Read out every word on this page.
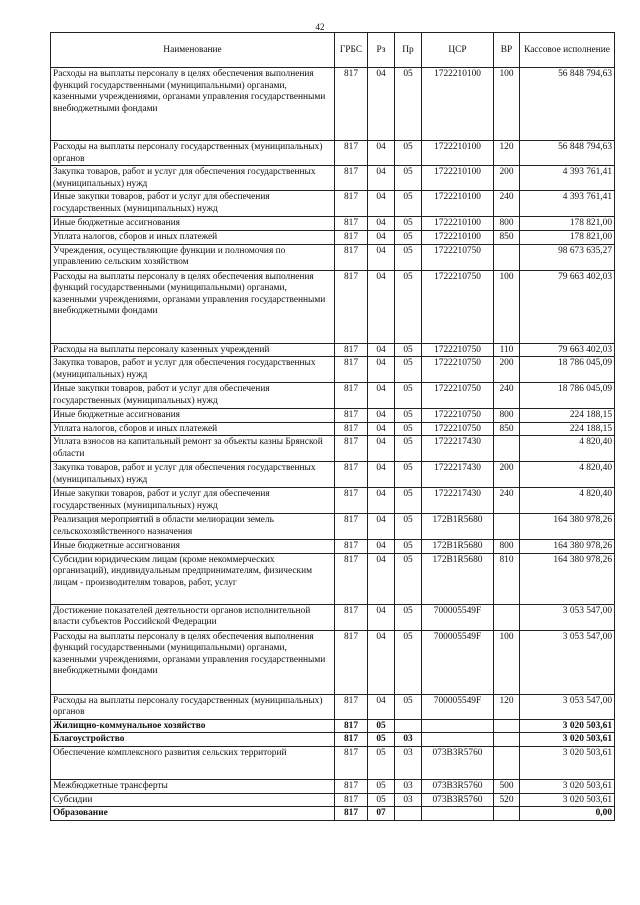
42
Наименование	ГРБС	Рз	Пр	ЦСР	ВР	Кассовое исполнение
Расходы на выплаты персоналу в целях обеспечения выполнения функций государственными (муниципальными) органами, казенными учреждениями, органами управления государственными внебюджетными фондами	817	04	05	1722210100	100	56 848 794,63
Расходы на выплаты персоналу государственных (муниципальных) органов	817	04	05	1722210100	120	56 848 794,63
Закупка товаров, работ и услуг для обеспечения государственных (муниципальных) нужд	817	04	05	1722210100	200	4 393 761,41
Иные закупки товаров, работ и услуг для обеспечения государственных (муниципальных) нужд	817	04	05	1722210100	240	4 393 761,41
Иные бюджетные ассигнования	817	04	05	1722210100	800	178 821,00
Уплата налогов, сборов и иных платежей	817	04	05	1722210100	850	178 821,00
Учреждения, осуществляющие функции и полномочия по управлению сельским хозяйством	817	04	05	1722210750		98 673 635,27
Расходы на выплаты персоналу в целях обеспечения выполнения функций государственными (муниципальными) органами, казенными учреждениями, органами управления государственными внебюджетными фондами	817	04	05	1722210750	100	79 663 402,03
Расходы на выплаты персоналу казенных учреждений	817	04	05	1722210750	110	79 663 402,03
Закупка товаров, работ и услуг для обеспечения государственных (муниципальных) нужд	817	04	05	1722210750	200	18 786 045,09
Иные закупки товаров, работ и услуг для обеспечения государственных (муниципальных) нужд	817	04	05	1722210750	240	18 786 045,09
Иные бюджетные ассигнования	817	04	05	1722210750	800	224 188,15
Уплата налогов, сборов и иных платежей	817	04	05	1722210750	850	224 188,15
Уплата взносов на капитальный ремонт за объекты казны Брянской области	817	04	05	1722217430		4 820,40
Закупка товаров, работ и услуг для обеспечения государственных (муниципальных) нужд	817	04	05	1722217430	200	4 820,40
Иные закупки товаров, работ и услуг для обеспечения государственных (муниципальных) нужд	817	04	05	1722217430	240	4 820,40
Реализация мероприятий в области мелиорации земель сельскохозяйственного назначения	817	04	05	172В1R5680		164 380 978,26
Иные бюджетные ассигнования	817	04	05	172В1R5680	800	164 380 978,26
Субсидии юридическим лицам (кроме некоммерческих организаций), индивидуальным предпринимателям, физическим лицам - производителям товаров, работ, услуг	817	04	05	172В1R5680	810	164 380 978,26
Достижение показателей деятельности органов исполнительной власти субъектов Российской Федерации	817	04	05	700005549F		3 053 547,00
Расходы на выплаты персоналу в целях обеспечения выполнения функций государственными (муниципальными) органами, казенными учреждениями, органами управления государственными внебюджетными фондами	817	04	05	700005549F	100	3 053 547,00
Расходы на выплаты персоналу государственных (муниципальных) органов	817	04	05	700005549F	120	3 053 547,00
Жилищно-коммунальное хозяйство	817	05				3 020 503,61
Благоустройство	817	05	03			3 020 503,61
Обеспечение комплексного развития сельских территорий	817	05	03	073В3R5760		3 020 503,61
Межбюджетные трансферты	817	05	03	073В3R5760	500	3 020 503,61
Субсидии	817	05	03	073В3R5760	520	3 020 503,61
Образование	817	07				0,00
